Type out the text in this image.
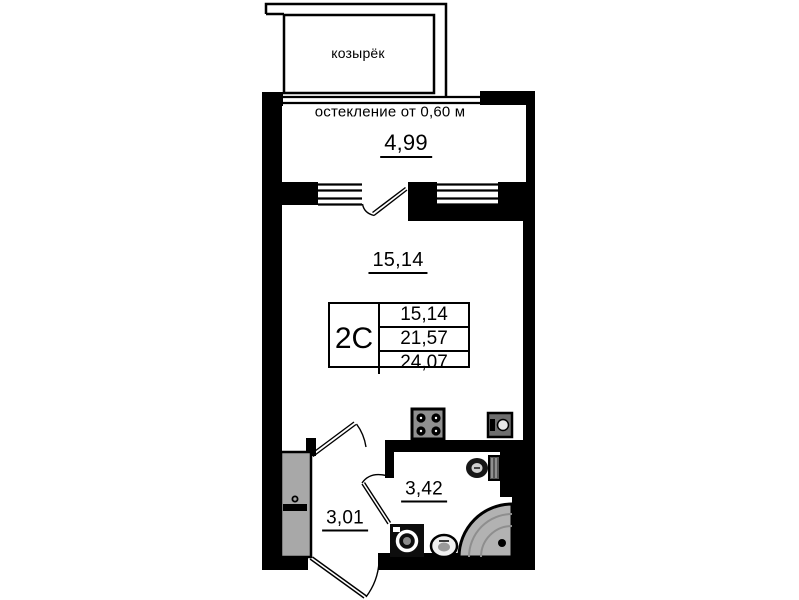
козырёк
остекление от 0,60 м
4,99
15,14
3,42
3,01
2С
15,14
21,57
24,07
